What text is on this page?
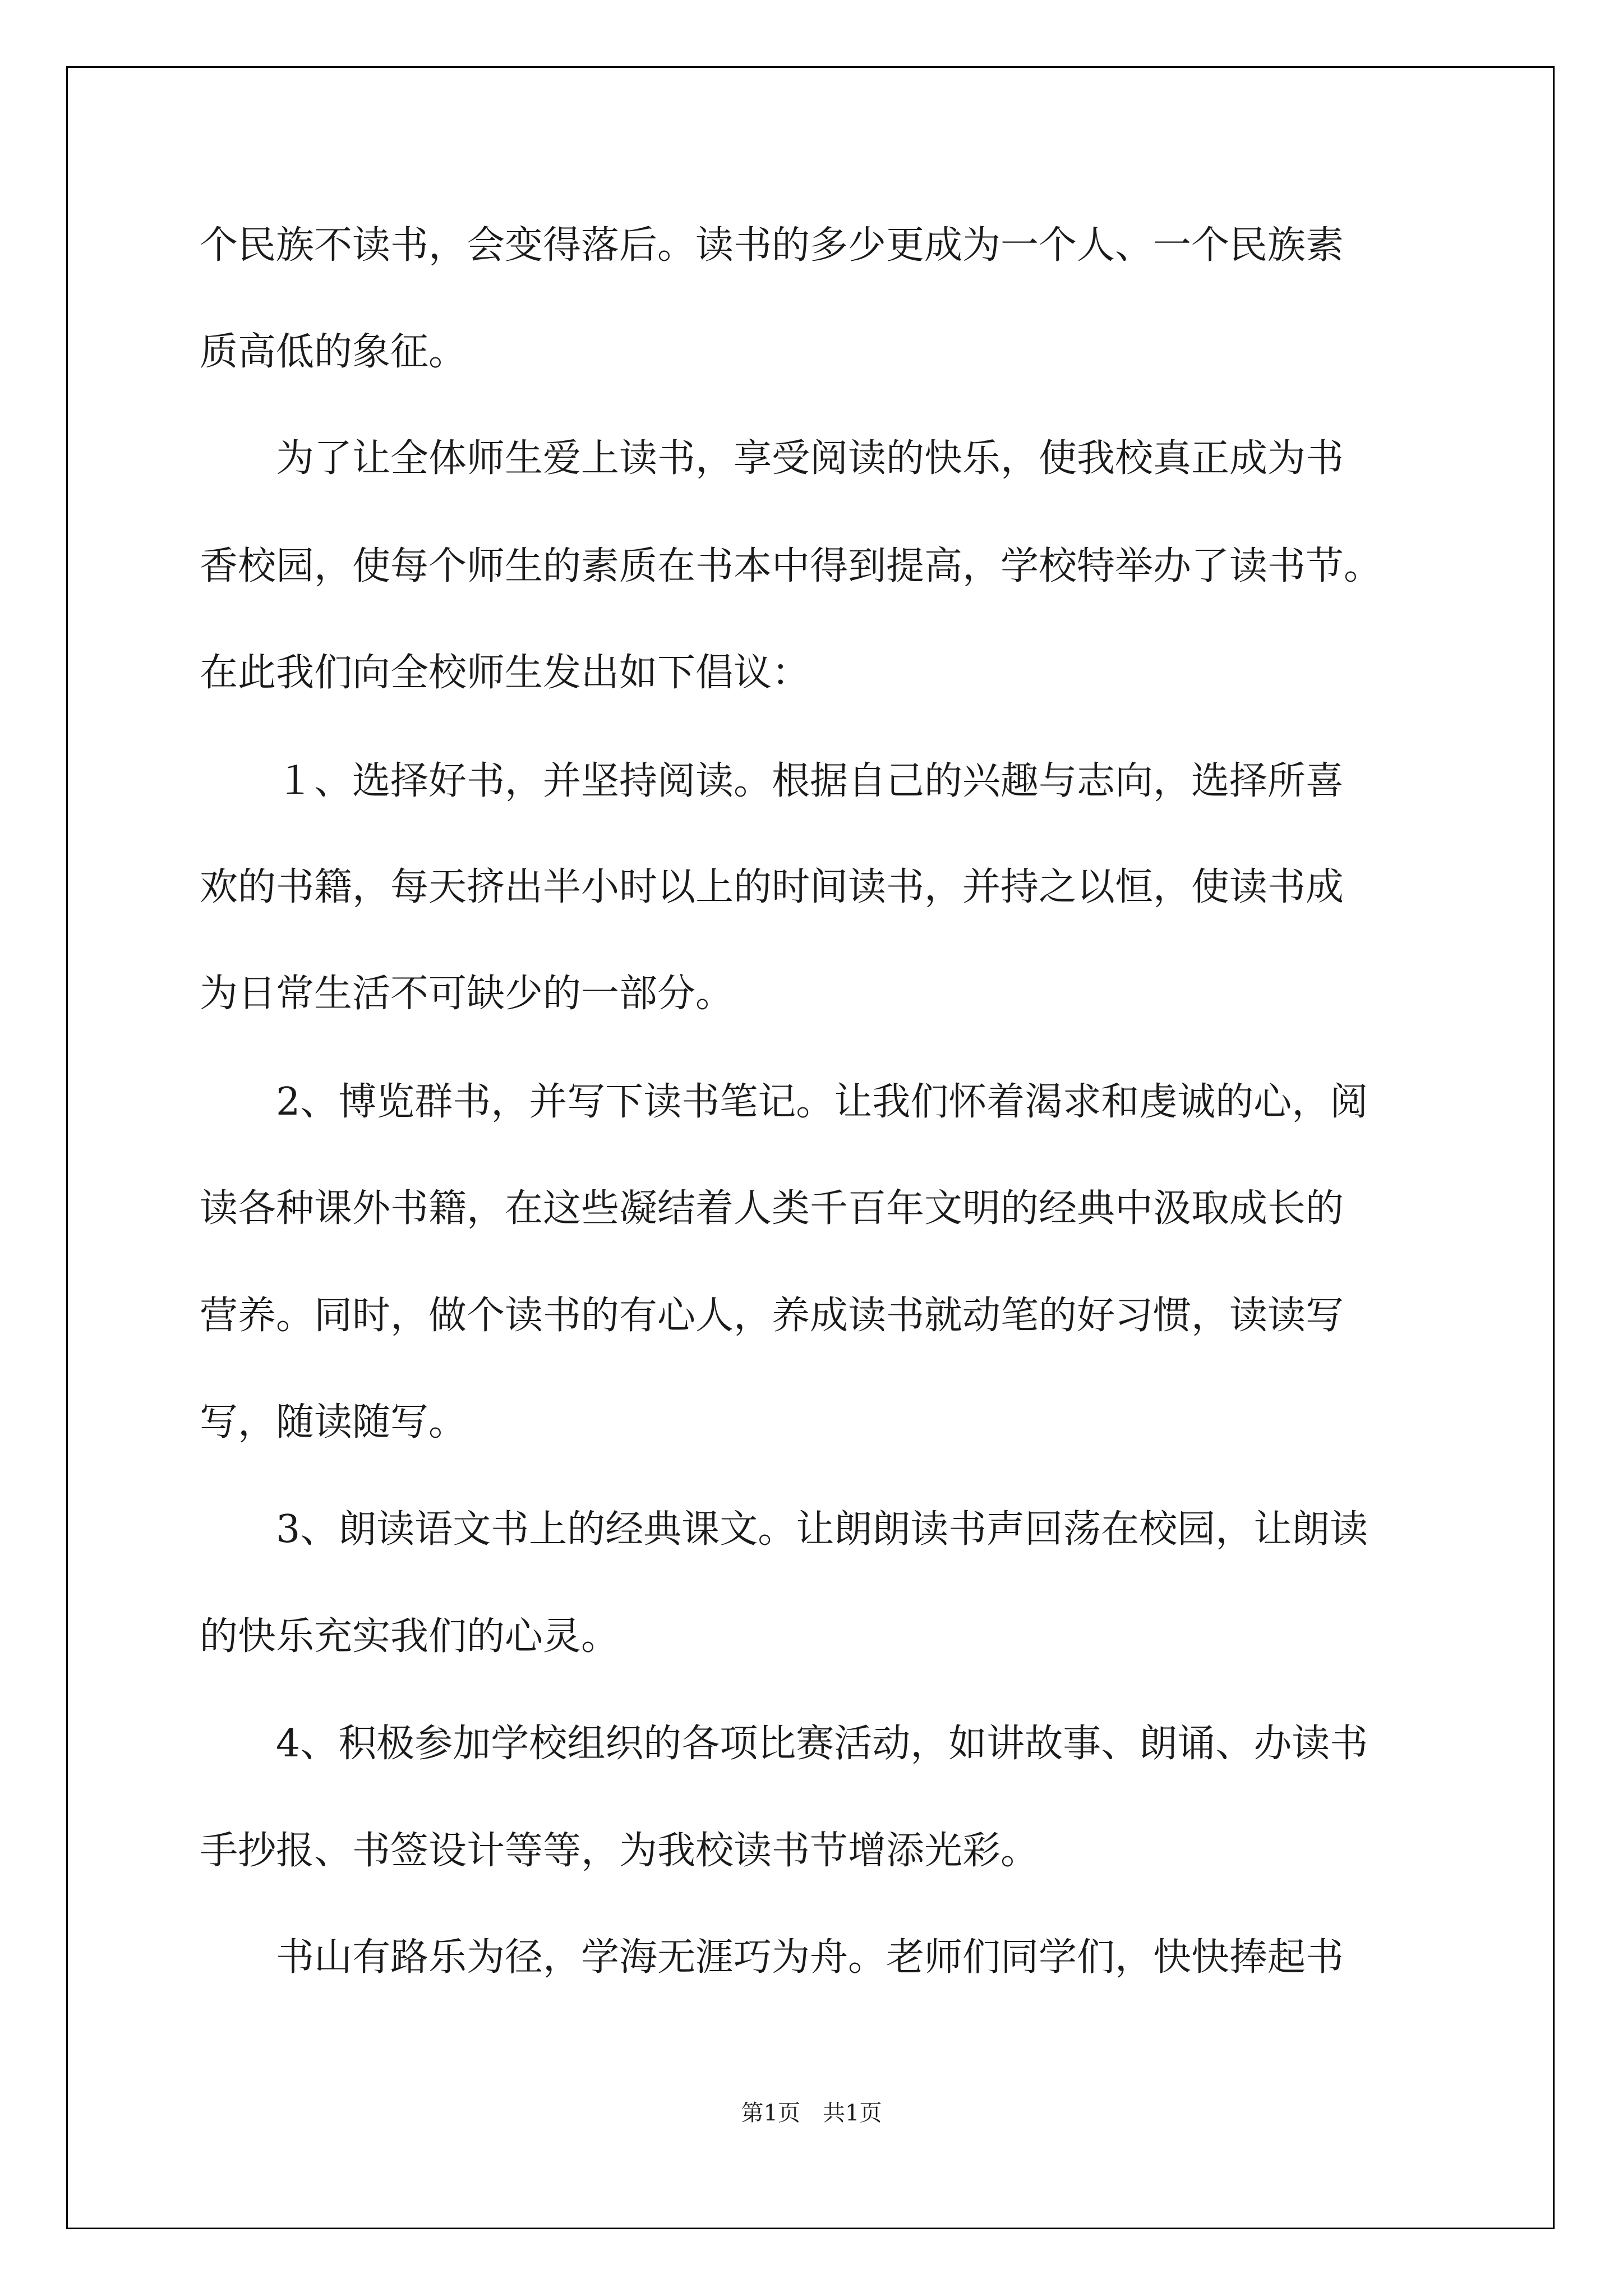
个民族不读书，会变得落后。读书的多少更成为一个人、一个民族素
质高低的象征。
　　为了让全体师生爱上读书，享受阅读的快乐，使我校真正成为书
香校园，使每个师生的素质在书本中得到提高，学校特举办了读书节。
在此我们向全校师生发出如下倡议：
　　１、选择好书，并坚持阅读。根据自己的兴趣与志向，选择所喜
欢的书籍，每天挤出半小时以上的时间读书，并持之以恒，使读书成
为日常生活不可缺少的一部分。
　　2、博览群书，并写下读书笔记。让我们怀着渴求和虔诚的心，阅
读各种课外书籍，在这些凝结着人类千百年文明的经典中汲取成长的
营养。同时，做个读书的有心人，养成读书就动笔的好习惯，读读写
写，随读随写。
　　3、朗读语文书上的经典课文。让朗朗读书声回荡在校园，让朗读
的快乐充实我们的心灵。
　　4、积极参加学校组织的各项比赛活动，如讲故事、朗诵、办读书
手抄报、书签设计等等，为我校读书节增添光彩。
　　书山有路乐为径，学海无涯巧为舟。老师们同学们，快快捧起书
第1页　共1页
